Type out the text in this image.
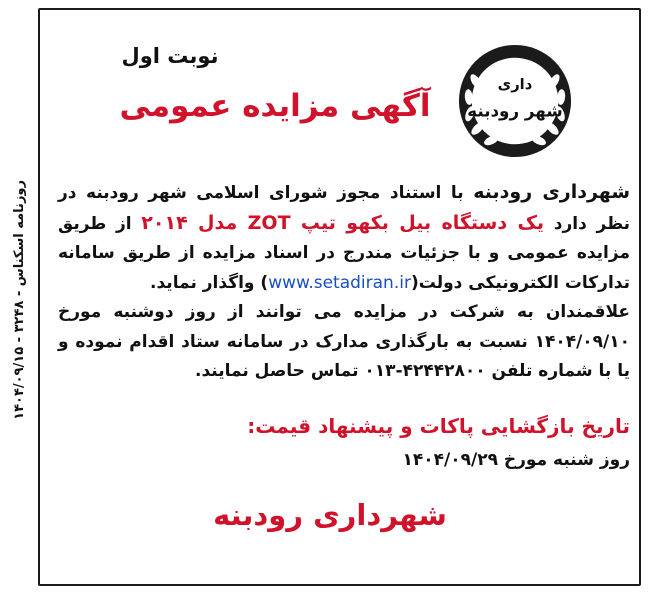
روزنامه اسکناس - ۳۲۴۸ - ۱۴۰۴/۰۹/۱۵
داری
شهر رودبنه
نوبت اول
آگهی مزایده عمومی
شهرداری رودبنه با استناد مجوز شورای اسلامی شهر رودبنه در نظر دارد یک دستگاه بیل بکهو تیپ ZOT مدل ۲۰۱۴ از طریق مزایده عمومی و با جزئیات مندرج در اسناد مزایده از طریق سامانه تدارکات الکترونیکی دولت(www.setadiran.ir) واگذار نماید.
علاقمندان به شرکت در مزایده می توانند از روز دوشنبه مورخ ۱۴۰۴/۰۹/۱۰ نسبت به بارگذاری مدارک در سامانه ستاد اقدام نموده و یا با شماره تلفن ۴۲۴۴۲۸۰۰-۰۱۳ تماس حاصل نمایند.
تاریخ بازگشایی پاکات و پیشنهاد قیمت:
روز شنبه مورخ ۱۴۰۴/۰۹/۲۹
شهرداری رودبنه
